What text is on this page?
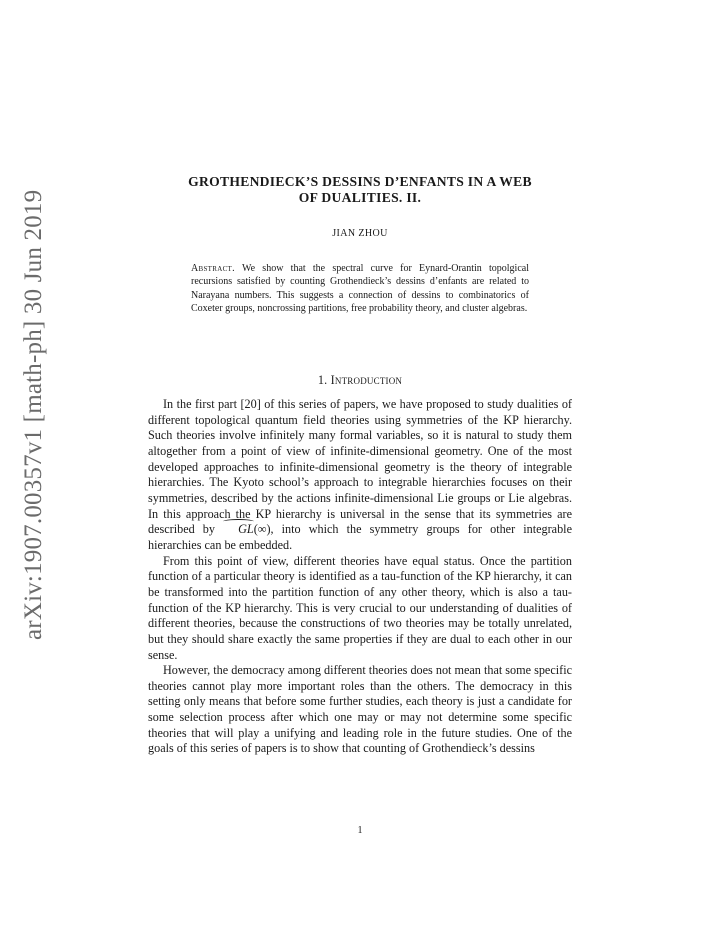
arXiv:1907.00357v1 [math-ph] 30 Jun 2019
GROTHENDIECK’S DESSINS D’ENFANTS IN A WEB
OF DUALITIES. II.
JIAN ZHOU
Abstract. We show that the spectral curve for Eynard-Orantin topolgical recursions satisfied by counting Grothendieck’s dessins d’enfants are related to Narayana numbers. This suggests a connection of dessins to combinatorics of Coxeter groups, noncrossing partitions, free probability theory, and cluster algebras.
1. Introduction

In the first part [20] of this series of papers, we have proposed to study dualities of different topological quantum field theories using symmetries of the KP hierarchy. Such theories involve infinitely many formal variables, so it is natural to study them altogether from a point of view of infinite-dimensional geometry. One of the most developed approaches to infinite-dimensional geometry is the theory of integrable hierarchies. The Kyoto school’s approach to integrable hierarchies focuses on their symmetries, described by the actions infinite-dimensional Lie groups or Lie algebras. In this approach the KP hierarchy is universal in the sense that its symmetries are described by GL(∞), into which the symmetry groups for other integrable hierarchies can be embedded.

From this point of view, different theories have equal status. Once the partition function of a particular theory is identified as a tau-function of the KP hierarchy, it can be transformed into the partition function of any other theory, which is also a tau-function of the KP hierarchy. This is very crucial to our understanding of dualities of different theories, because the constructions of two theories may be totally unrelated, but they should share exactly the same properties if they are dual to each other in our sense.

However, the democracy among different theories does not mean that some specific theories cannot play more important roles than the others. The democracy in this setting only means that before some further studies, each theory is just a candidate for some selection process after which one may or may not determine some specific theories that will play a unifying and leading role in the future studies. One of the goals of this series of papers is to show that counting of Grothendieck’s dessins

1
